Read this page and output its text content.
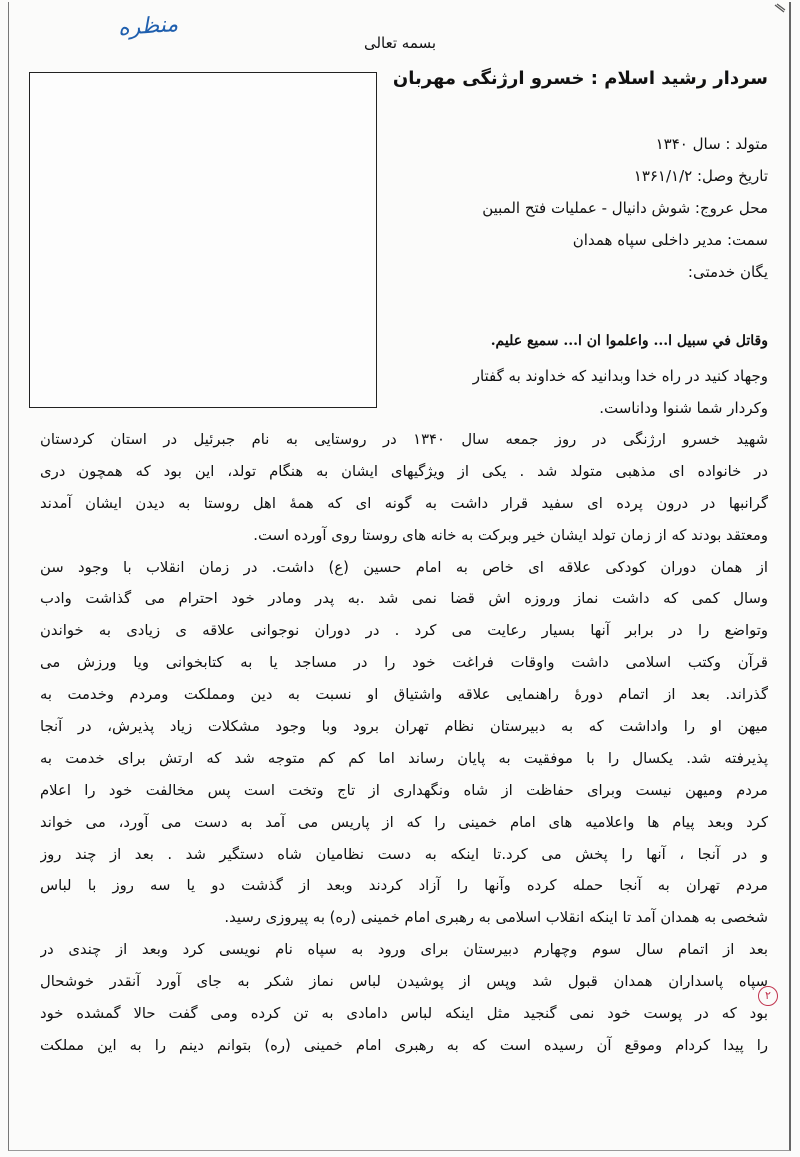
منظره
بسمه تعالی
سردار رشید اسلام : خسرو ارژنگی مهربان
متولد : سال ۱۳۴۰
تاریخ وصل: ۱۳۶۱/۱/۲
محل عروج: شوش دانیال - عملیات فتح المبین
سمت: مدیر داخلی سپاه همدان
یگان خدمتی:
وقاتل في سبيل ا... واعلموا ان ا... سميع عليم.
وجهاد کنید در راه خدا وبدانید که خداوند به گفتار
وکردار شما شنوا وداناست.
شهید خسرو ارژنگی در روز جمعه سال ۱۳۴۰ در روستایی به نام جبرئیل در استان کردستان
در خانواده ای مذهبی متولد شد . یکی از ویژگیهای ایشان به هنگام تولد، این بود که همچون دری
گرانبها در درون پرده ای سفید قرار داشت به گونه ای که همهٔ اهل روستا به دیدن ایشان آمدند
ومعتقد بودند که از زمان تولد ایشان خیر وبرکت به خانه های روستا روی آورده است.
از همان دوران کودکی علاقه ای خاص به امام حسین (ع) داشت. در زمان انقلاب با وجود سن
وسال کمی که داشت نماز وروزه اش قضا نمی شد .به پدر ومادر خود احترام می گذاشت وادب
وتواضع را در برابر آنها بسیار رعایت می کرد . در دوران نوجوانی علاقه ی زیادی به خواندن
قرآن وکتب اسلامی داشت واوقات فراغت خود را در مساجد یا به کتابخوانی ویا ورزش می
گذراند. بعد از اتمام دورهٔ راهنمایی علاقه واشتیاق او نسبت به دین ومملکت ومردم وخدمت به
میهن او را واداشت که به دبیرستان نظام تهران برود وبا وجود مشکلات زیاد پذیرش، در آنجا
پذیرفته شد. یکسال را با موفقیت به پایان رساند اما کم کم متوجه شد که ارتش برای خدمت به
مردم ومیهن نیست وبرای حفاظت از شاه ونگهداری از تاج وتخت است پس مخالفت خود را اعلام
کرد وبعد پیام ها واعلامیه های امام خمینی را که از پاریس می آمد به دست می آورد، می خواند
و در آنجا ، آنها را پخش می کرد.تا اینکه به دست نظامیان شاه دستگیر شد . بعد از چند روز
مردم تهران به آنجا حمله کرده وآنها را آزاد کردند وبعد از گذشت دو یا سه روز با لباس
شخصی به همدان آمد تا اینکه انقلاب اسلامی به رهبری امام خمینی (ره) به پیروزی رسید.
بعد از اتمام سال سوم وچهارم دبیرستان برای ورود به سپاه نام نویسی کرد وبعد از چندی در
سپاه پاسداران همدان قبول شد وپس از پوشیدن لباس نماز شکر به جای آورد آنقدر خوشحال
بود که در پوست خود نمی گنجید مثل اینکه لباس دامادی به تن کرده ومی گفت حالا گمشده خود
را پیدا کردام وموقع آن رسیده است که به رهبری امام خمینی (ره) بتوانم دینم را به این مملکت
۲
